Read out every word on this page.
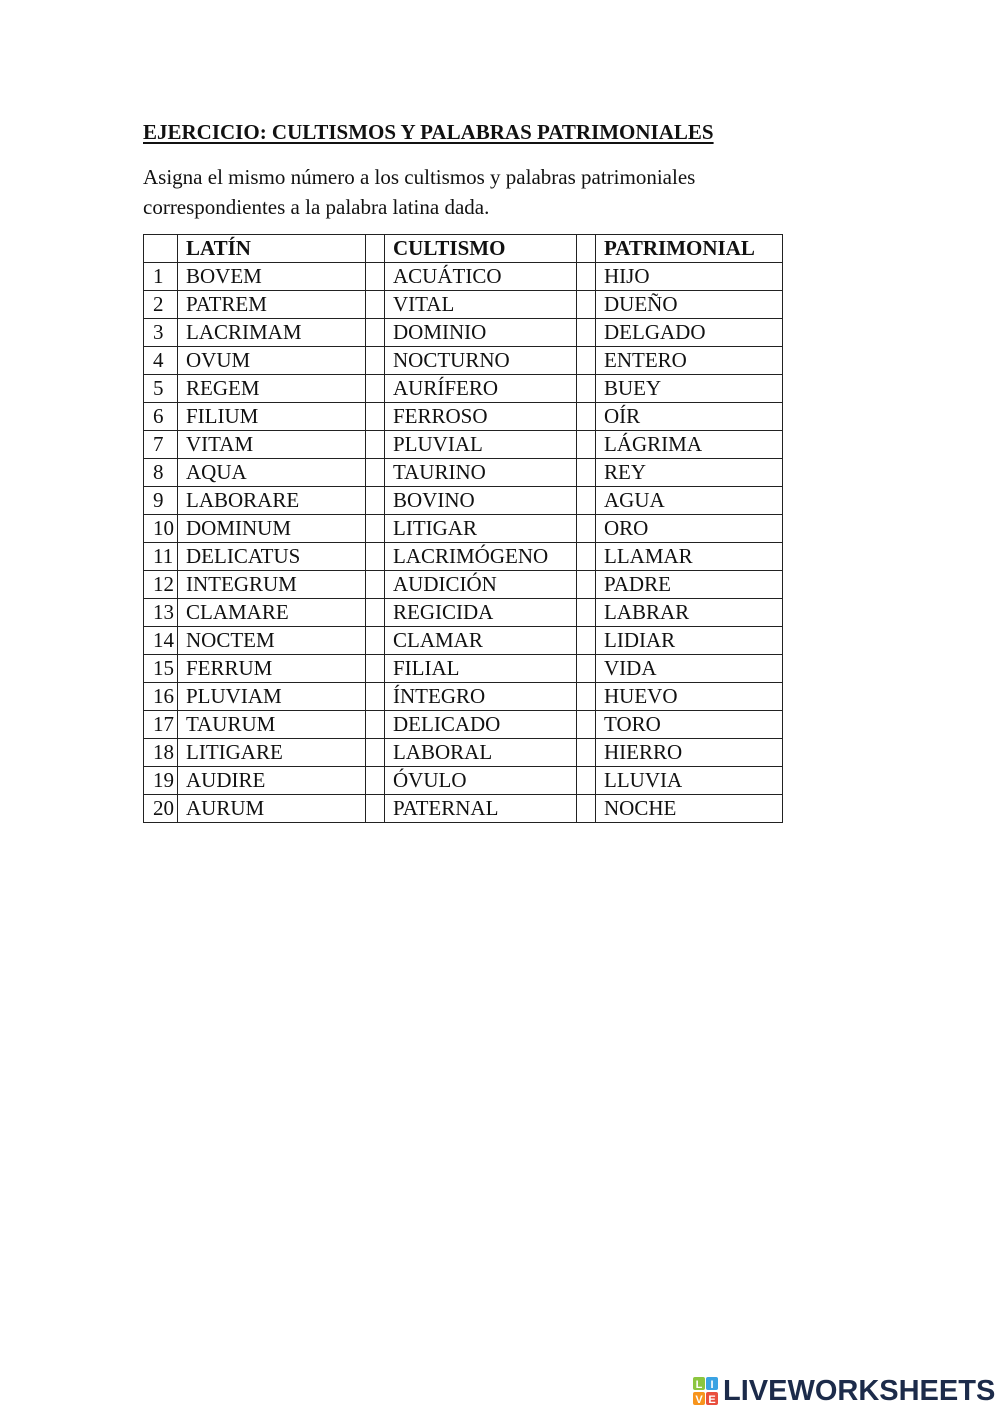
EJERCICIO: CULTISMOS Y PALABRAS PATRIMONIALES
Asigna el mismo número a los cultismos y palabras patrimoniales
correspondientes a la palabra latina dada.
	LATÍN		CULTISMO		PATRIMONIAL
1	BOVEM		ACUÁTICO		HIJO
2	PATREM		VITAL		DUEÑO
3	LACRIMAM		DOMINIO		DELGADO
4	OVUM		NOCTURNO		ENTERO
5	REGEM		AURÍFERO		BUEY
6	FILIUM		FERROSO		OÍR
7	VITAM		PLUVIAL		LÁGRIMA
8	AQUA		TAURINO		REY
9	LABORARE		BOVINO		AGUA
10	DOMINUM		LITIGAR		ORO
11	DELICATUS		LACRIMÓGENO		LLAMAR
12	INTEGRUM		AUDICIÓN		PADRE
13	CLAMARE		REGICIDA		LABRAR
14	NOCTEM		CLAMAR		LIDIAR
15	FERRUM		FILIAL		VIDA
16	PLUVIAM		ÍNTEGRO		HUEVO
17	TAURUM		DELICADO		TORO
18	LITIGARE		LABORAL		HIERRO
19	AUDIRE		ÓVULO		LLUVIA
20	AURUM		PATERNAL		NOCHE
L I
V E LIVEWORKSHEETS
